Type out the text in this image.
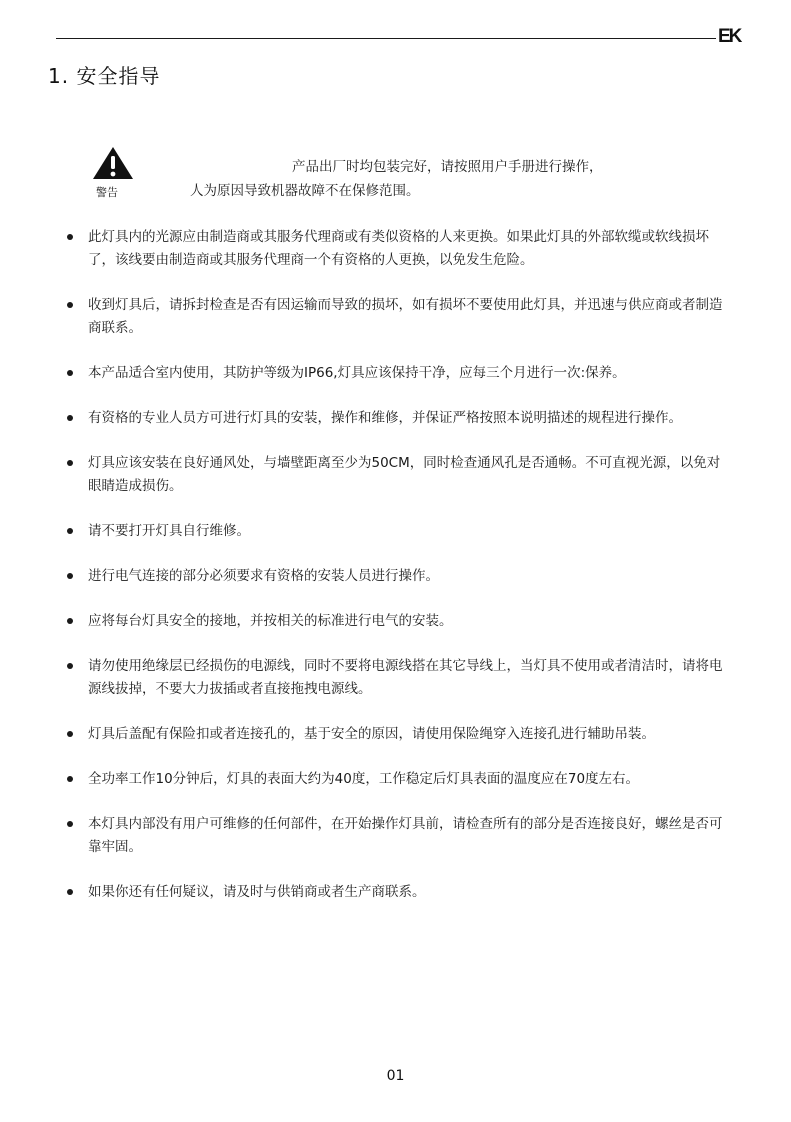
EK
1. 安全指导
警告
产品出厂时均包装完好，请按照用户手册进行操作，
人为原因导致机器故障不在保修范围。
此灯具内的光源应由制造商或其服务代理商或有类似资格的人来更换。如果此灯具的外部软缆或软线损坏了，该线要由制造商或其服务代理商一个有资格的人更换，以免发生危险。
收到灯具后，请拆封检查是否有因运输而导致的损坏，如有损坏不要使用此灯具，并迅速与供应商或者制造商联系。
本产品适合室内使用，其防护等级为IP66,灯具应该保持干净，应每三个月进行一次:保养。
有资格的专业人员方可进行灯具的安装，操作和维修，并保证严格按照本说明描述的规程进行操作。
灯具应该安装在良好通风处，与墙壁距离至少为50CM，同时检查通风孔是否通畅。不可直视光源，以免对眼睛造成损伤。
请不要打开灯具自行维修。
进行电气连接的部分必须要求有资格的安装人员进行操作。
应将每台灯具安全的接地，并按相关的标准进行电气的安装。
请勿使用绝缘层已经损伤的电源线，同时不要将电源线搭在其它导线上，当灯具不使用或者清洁时，请将电源线拔掉，不要大力拔插或者直接拖拽电源线。
灯具后盖配有保险扣或者连接孔的，基于安全的原因，请使用保险绳穿入连接孔进行辅助吊装。
全功率工作10分钟后，灯具的表面大约为40度，工作稳定后灯具表面的温度应在70度左右。
本灯具内部没有用户可维修的任何部件，在开始操作灯具前，请检查所有的部分是否连接良好，螺丝是否可靠牢固。
如果你还有任何疑议，请及时与供销商或者生产商联系。
01
